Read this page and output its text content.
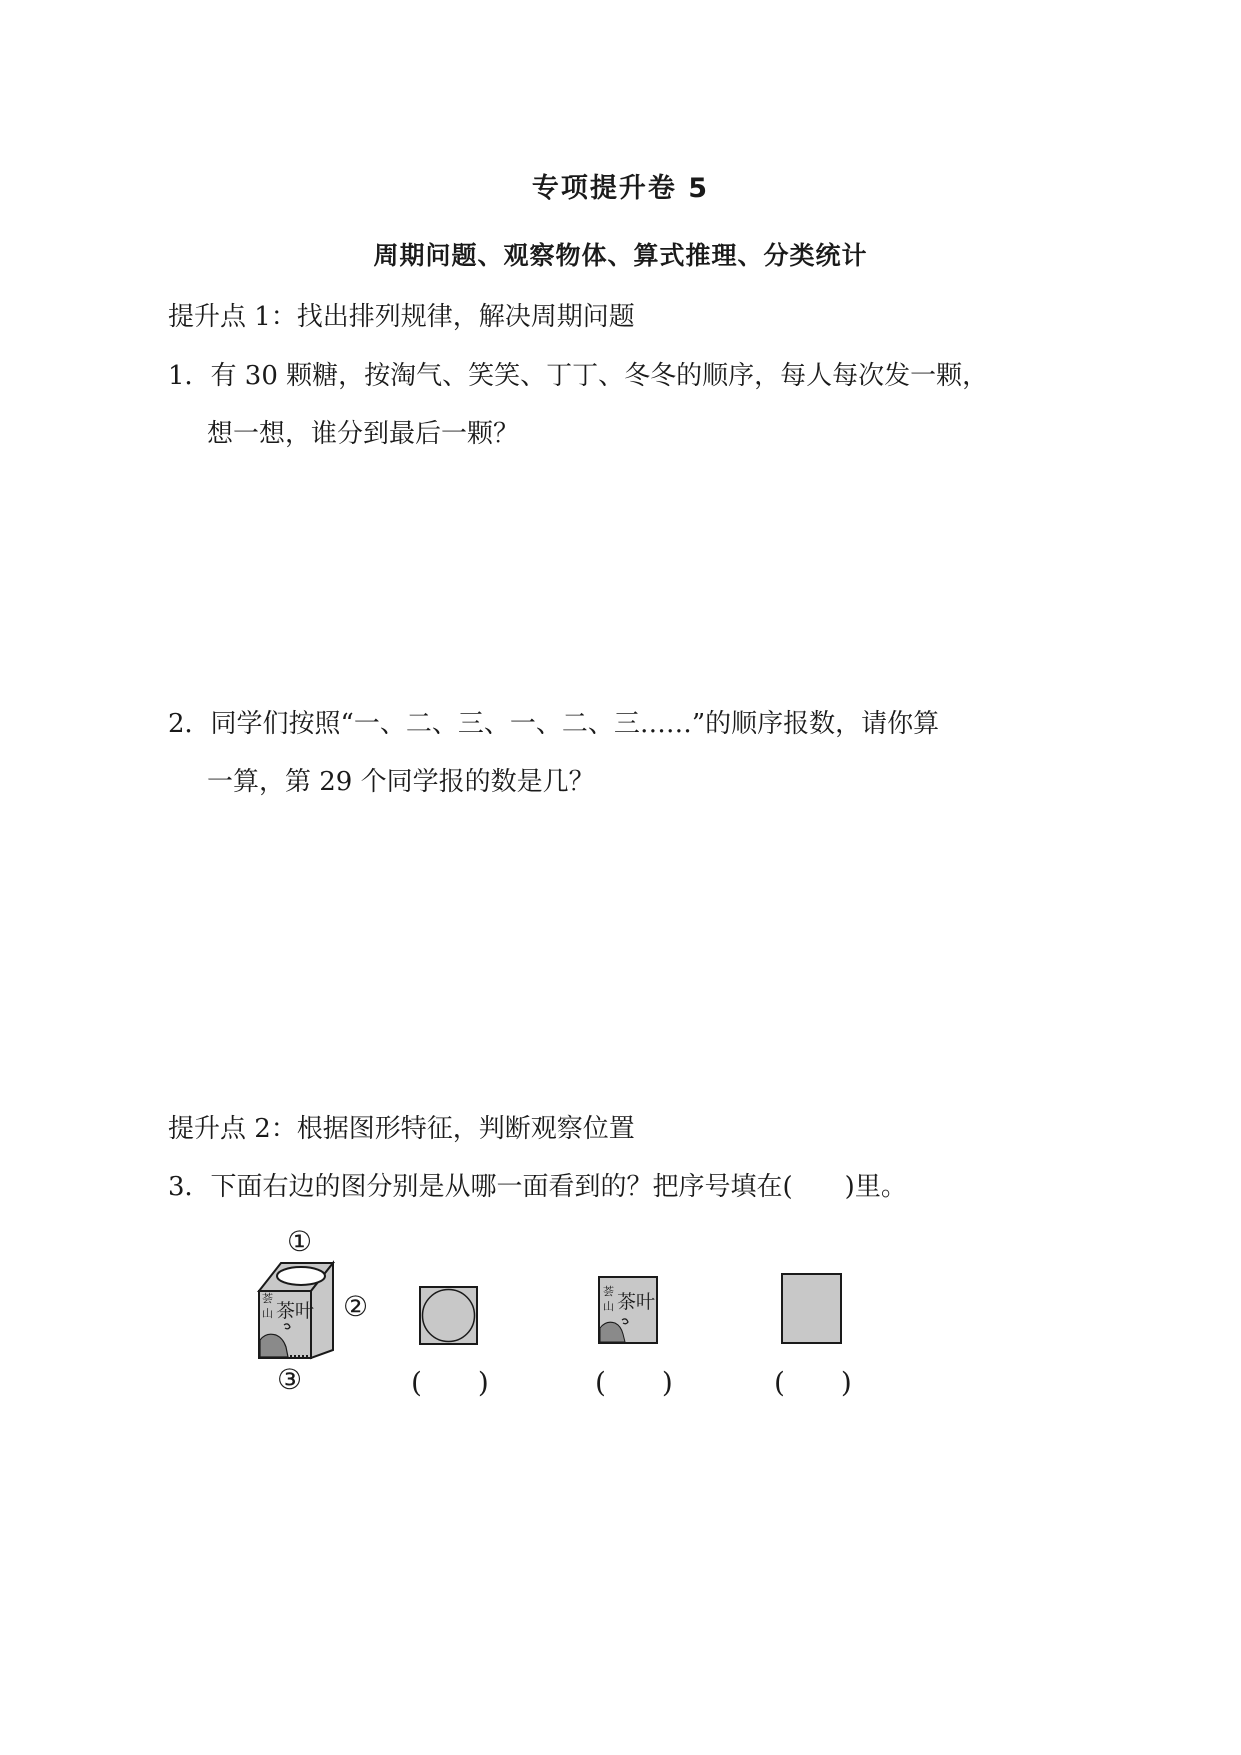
专项提升卷 5
周期问题、观察物体、算式推理、分类统计
提升点 1：找出排列规律，解决周期问题
1．有 30 颗糖，按淘气、笑笑、丁丁、冬冬的顺序，每人每次发一颗，
想一想，谁分到最后一颗？
2．同学们按照“一、二、三、一、二、三……”的顺序报数，请你算
一算，第 29 个同学报的数是几？
提升点 2：根据图形特征，判断观察位置
3．下面右边的图分别是从哪一面看到的？把序号填在(　　)里。
①
②
③
荟
山 茶叶
荟
山 茶叶
(　　)	(　　)	(　　)
